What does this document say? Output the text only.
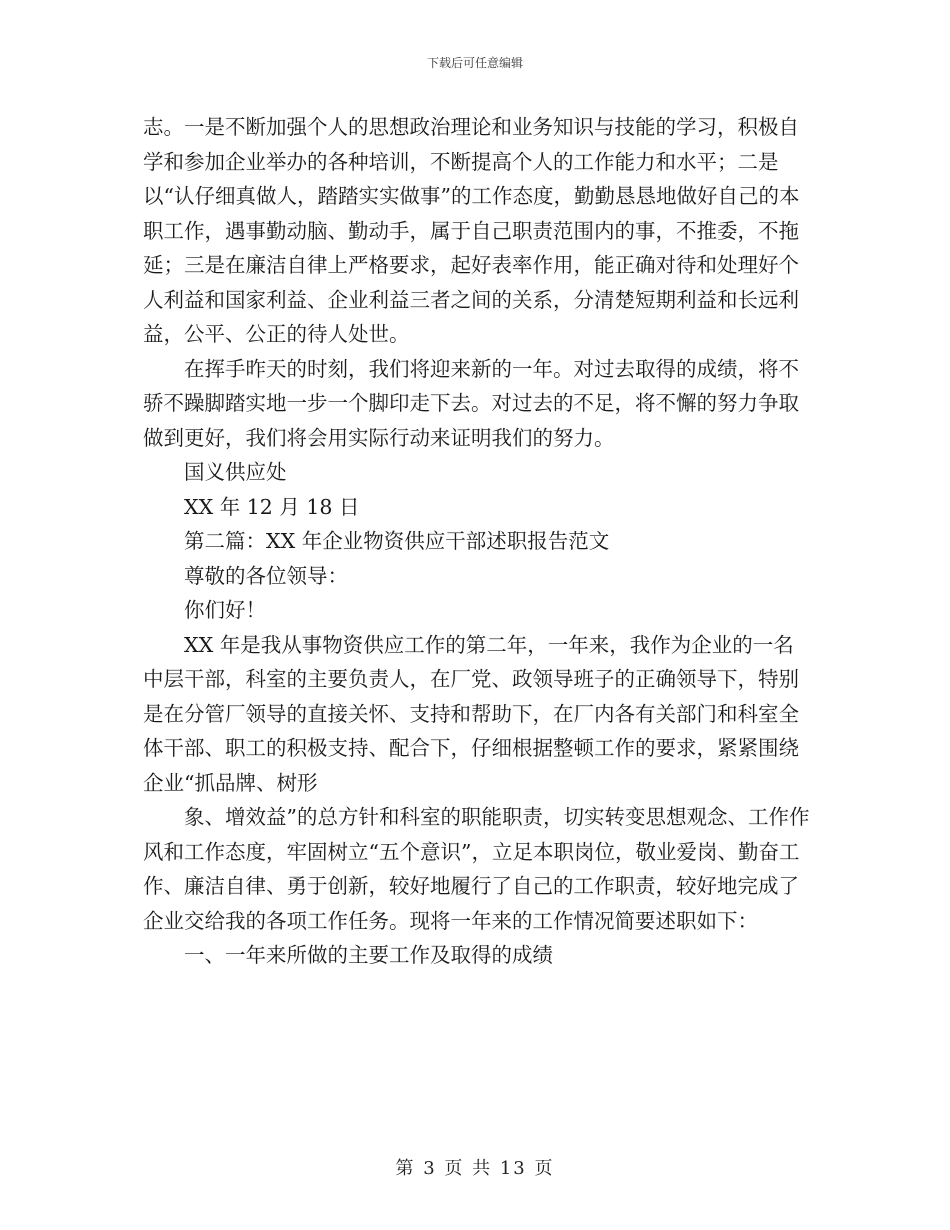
下载后可任意编辑

志。一是不断加强个人的思想政治理论和业务知识与技能的学习，积极自学和参加企业举办的各种培训，不断提高个人的工作能力和水平；二是以“认仔细真做人，踏踏实实做事”的工作态度，勤勤恳恳地做好自己的本职工作，遇事勤动脑、勤动手，属于自己职责范围内的事，不推委，不拖延；三是在廉洁自律上严格要求，起好表率作用，能正确对待和处理好个人利益和国家利益、企业利益三者之间的关系，分清楚短期利益和长远利益，公平、公正的待人处世。

在挥手昨天的时刻，我们将迎来新的一年。对过去取得的成绩，将不骄不躁脚踏实地一步一个脚印走下去。对过去的不足，将不懈的努力争取做到更好，我们将会用实际行动来证明我们的努力。

国义供应处

XX 年 12 月 18 日

第二篇：XX 年企业物资供应干部述职报告范文

尊敬的各位领导：

你们好！

XX 年是我从事物资供应工作的第二年，一年来，我作为企业的一名中层干部，科室的主要负责人，在厂党、政领导班子的正确领导下，特别是在分管厂领导的直接关怀、支持和帮助下，在厂内各有关部门和科室全体干部、职工的积极支持、配合下，仔细根据整顿工作的要求，紧紧围绕企业“抓品牌、树形

象、增效益”的总方针和科室的职能职责，切实转变思想观念、工作作风和工作态度，牢固树立“五个意识”，立足本职岗位，敬业爱岗、勤奋工作、廉洁自律、勇于创新，较好地履行了自己的工作职责，较好地完成了企业交给我的各项工作任务。现将一年来的工作情况简要述职如下：

一、一年来所做的主要工作及取得的成绩

第 3 页 共 13 页
